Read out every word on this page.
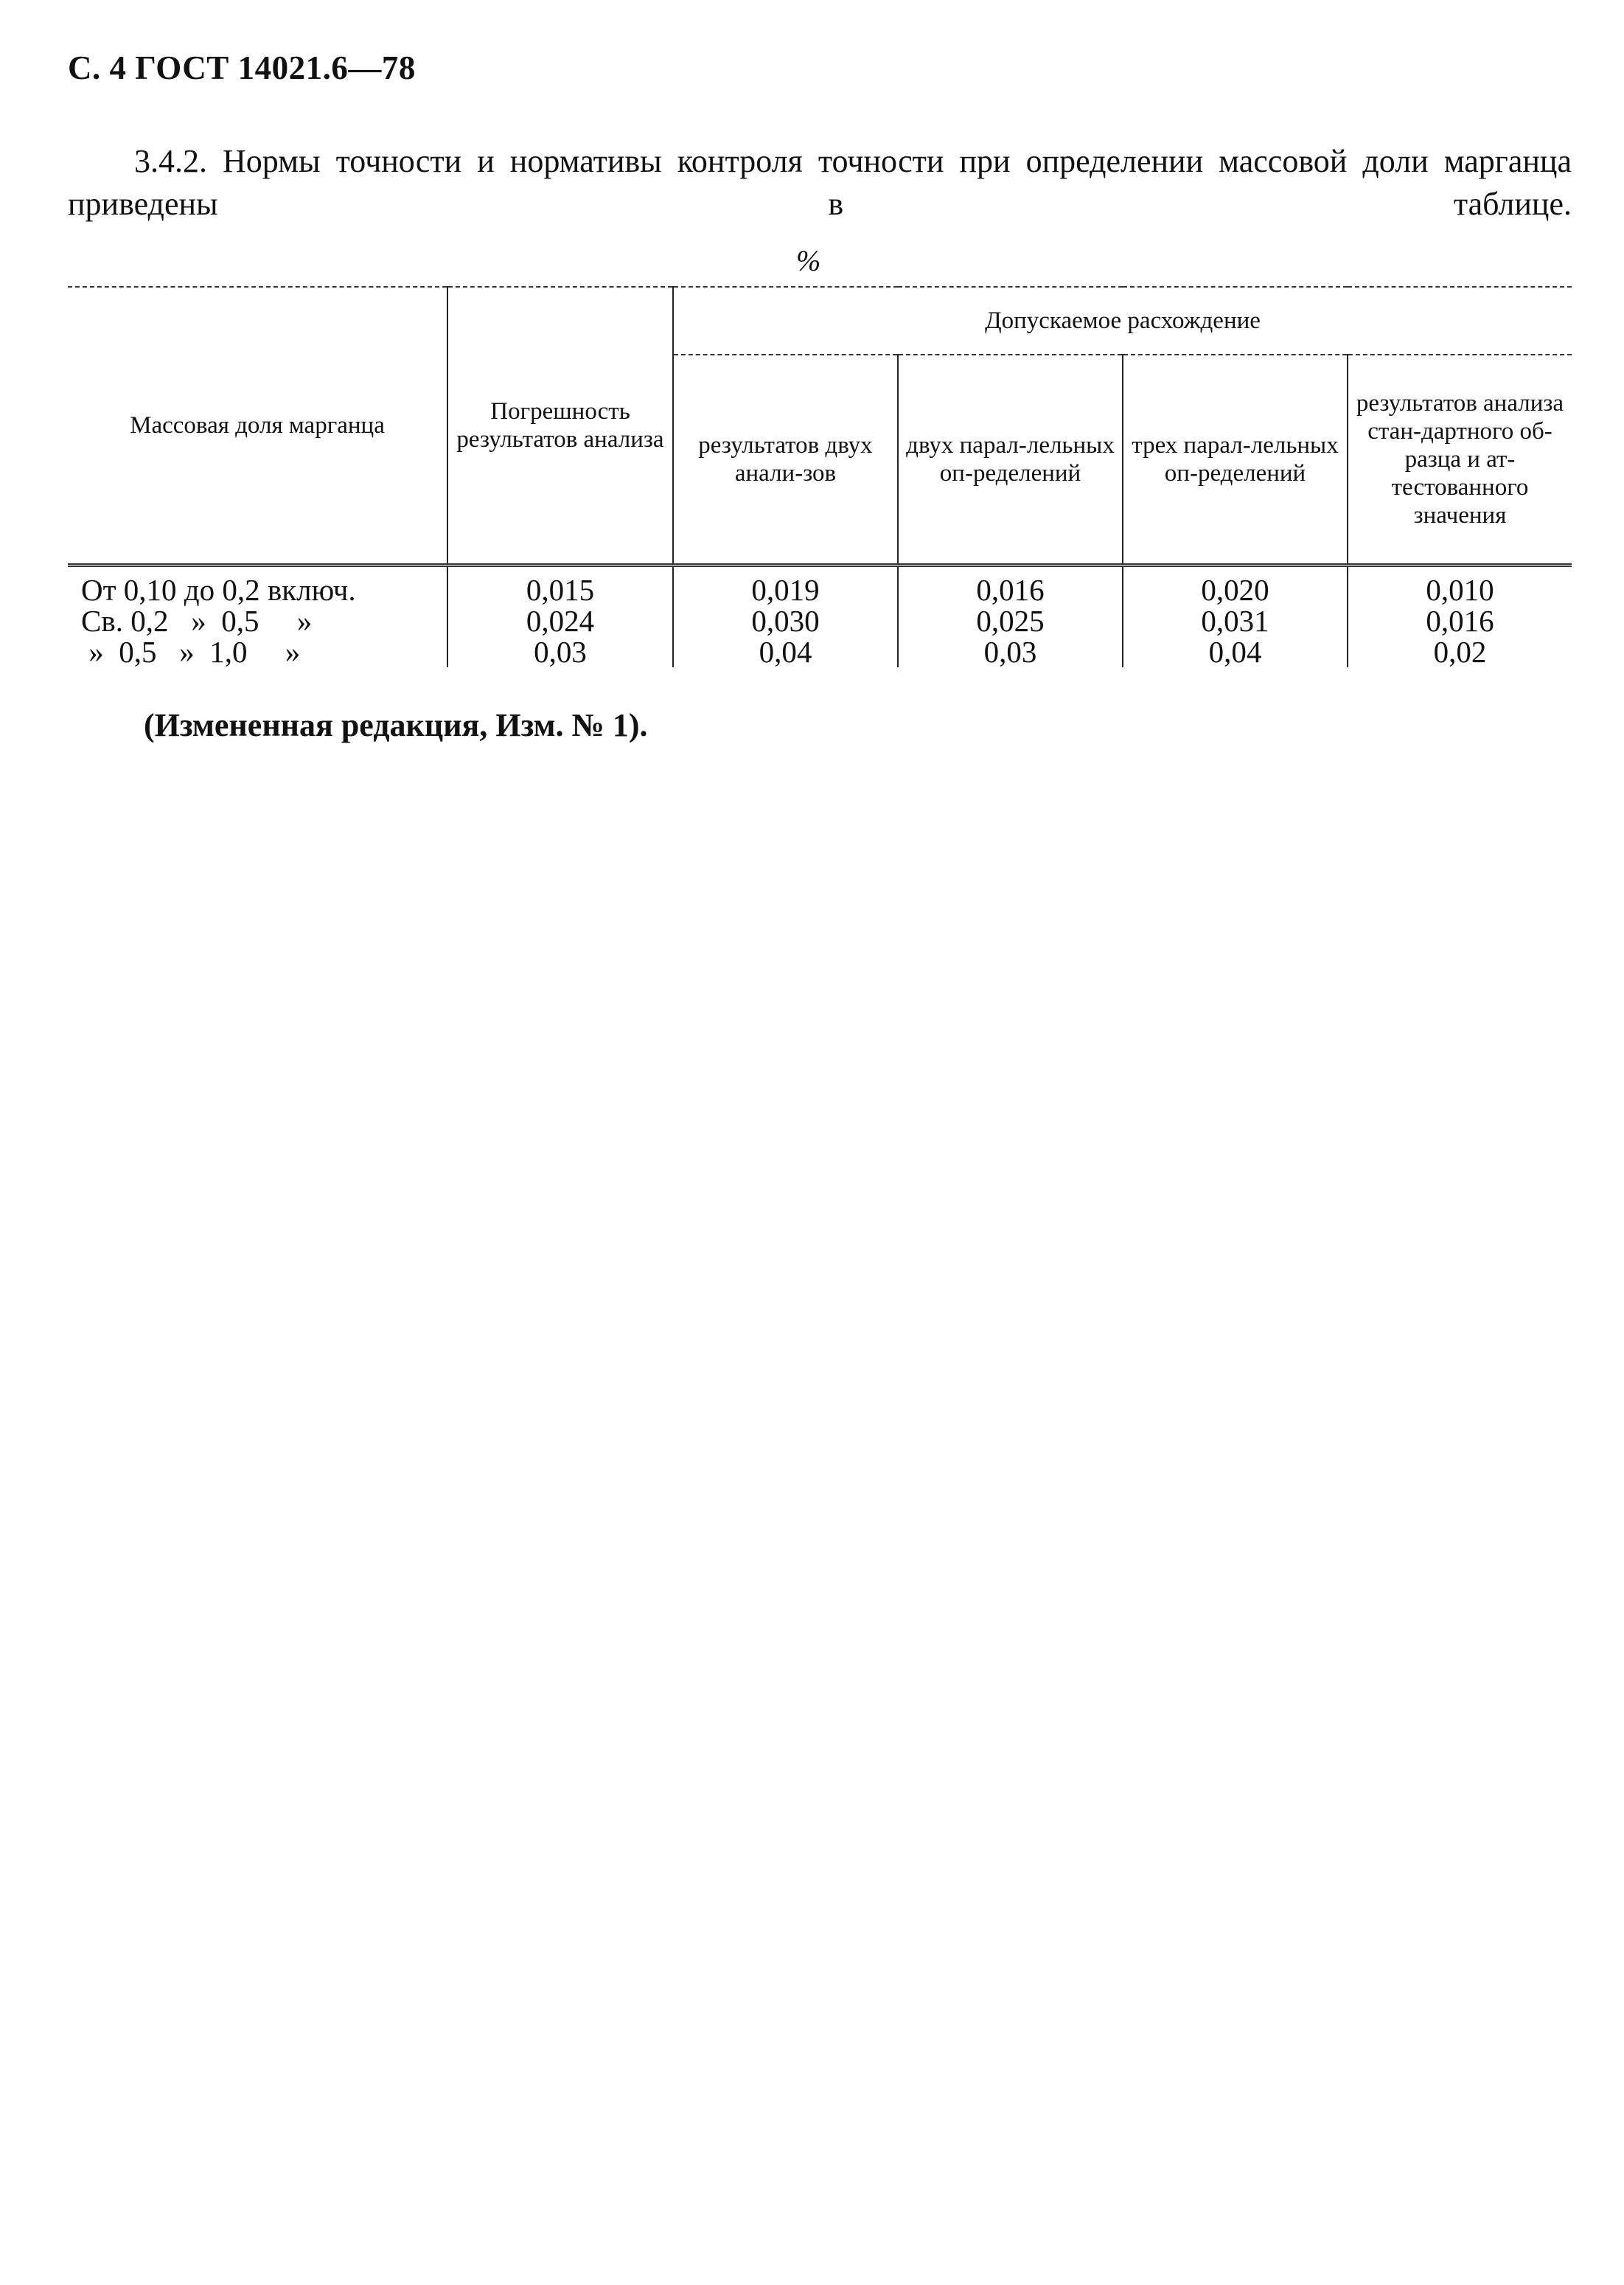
С. 4 ГОСТ 14021.6—78
3.4.2. Нормы точности и нормативы контроля точности при определении массовой доли марганца приведены в таблице.
%
Массовая доля марганца	Погрешность результатов анализа	Допускаемое расхождение			
		результатов двух анали-зов	двух парал-лельных оп-ределений	трех парал-лельных оп-ределений	результатов анализа стан-дартного об-разца и ат-тестованного значения
От 0,10 до 0,2 включ.	0,015	0,019	0,016	0,020	0,010
Св. 0,2   »  0,5     »	0,024	0,030	0,025	0,031	0,016
»  0,5   »  1,0     »	0,03	0,04	0,03	0,04	0,02
(Измененная редакция, Изм. № 1).
